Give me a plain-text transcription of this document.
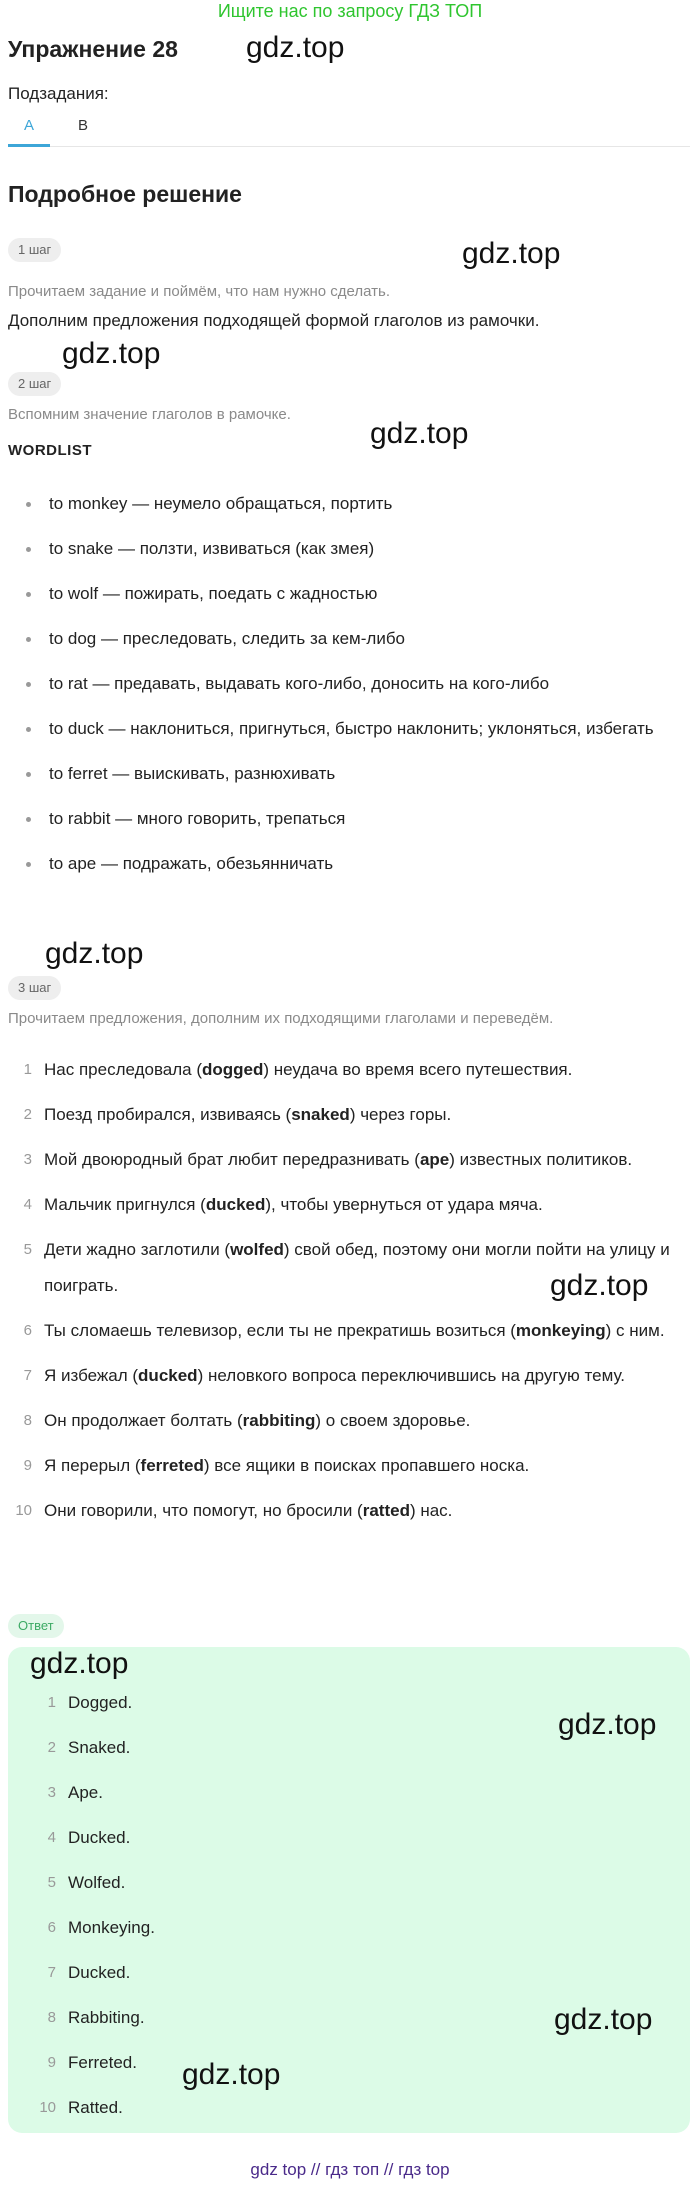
Ищите нас по запросу ГДЗ ТОП
Упражнение 28
Подзадания:
A	B
Подробное решение
1 шаг
Прочитаем задание и поймём, что нам нужно сделать.
Дополним предложения подходящей формой глаголов из рамочки.
2 шаг
Вспомним значение глаголов в рамочке.
WORDLIST
to monkey — неумело обращаться, портить
to snake — ползти, извиваться (как змея)
to wolf — пожирать, поедать с жадностью
to dog — преследовать, следить за кем-либо
to rat — предавать, выдавать кого-либо, доносить на кого-либо
to duck — наклониться, пригнуться, быстро наклонить; уклоняться, избегать
to ferret — выискивать, разнюхивать
to rabbit — много говорить, трепаться
to ape — подражать, обезьянничать
3 шаг
Прочитаем предложения, дополним их подходящими глаголами и переведём.
1 Нас преследовала (dogged) неудача во время всего путешествия.
2 Поезд пробирался, извиваясь (snaked) через горы.
3 Мой двоюродный брат любит передразнивать (ape) известных политиков.
4 Мальчик пригнулся (ducked), чтобы увернуться от удара мяча.
5 Дети жадно заглотили (wolfed) свой обед, поэтому они могли пойти на улицу и поиграть.
6 Ты сломаешь телевизор, если ты не прекратишь возиться (monkeying) с ним.
7 Я избежал (ducked) неловкого вопроса переключившись на другую тему.
8 Он продолжает болтать (rabbiting) о своем здоровье.
9 Я перерыл (ferreted) все ящики в поисках пропавшего носка.
10 Они говорили, что помогут, но бросили (ratted) нас.
Ответ
1 Dogged.
2 Snaked.
3 Ape.
4 Ducked.
5 Wolfed.
6 Monkeying.
7 Ducked.
8 Rabbiting.
9 Ferreted.
10 Ratted.
gdz.top
gdz.top
gdz.top
gdz.top
gdz.top
gdz.top
gdz.top
gdz.top
gdz.top
gdz.top
gdz top // гдз топ // гдз top
